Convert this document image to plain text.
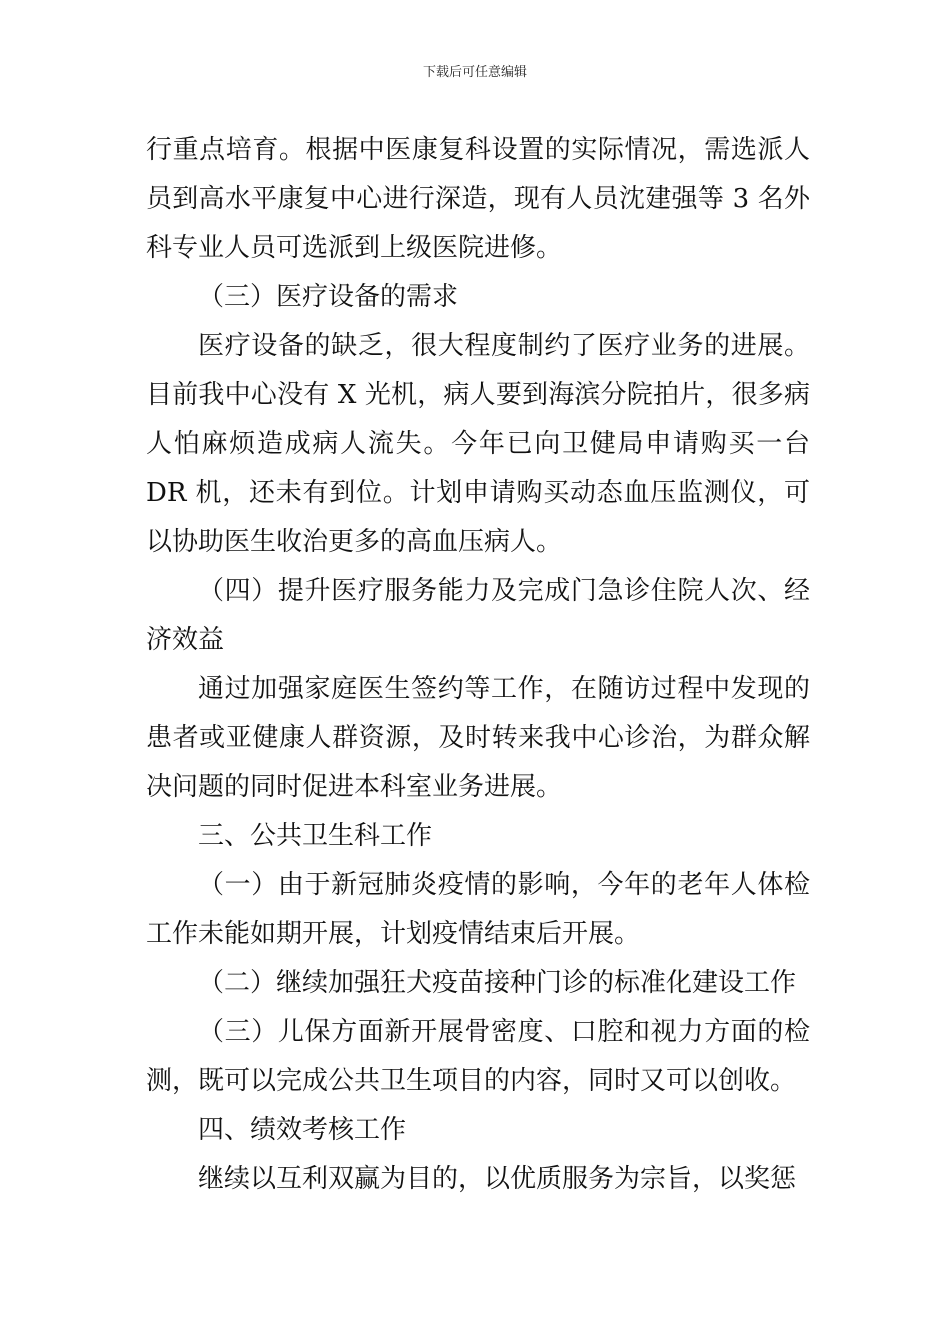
下载后可任意编辑

行重点培育。根据中医康复科设置的实际情况，需选派人员到高水平康复中心进行深造，现有人员沈建强等 3 名外科专业人员可选派到上级医院进修。

（三）医疗设备的需求

医疗设备的缺乏，很大程度制约了医疗业务的进展。目前我中心没有 X 光机，病人要到海滨分院拍片，很多病人怕麻烦造成病人流失。今年已向卫健局申请购买一台 DR 机，还未有到位。计划申请购买动态血压监测仪，可以协助医生收治更多的高血压病人。

（四）提升医疗服务能力及完成门急诊住院人次、经济效益

通过加强家庭医生签约等工作，在随访过程中发现的患者或亚健康人群资源，及时转来我中心诊治，为群众解决问题的同时促进本科室业务进展。

三、公共卫生科工作

（一）由于新冠肺炎疫情的影响，今年的老年人体检工作未能如期开展，计划疫情结束后开展。

（二）继续加强狂犬疫苗接种门诊的标准化建设工作

（三）儿保方面新开展骨密度、口腔和视力方面的检测，既可以完成公共卫生项目的内容，同时又可以创收。

四、绩效考核工作

继续以互利双赢为目的，以优质服务为宗旨，以奖惩
